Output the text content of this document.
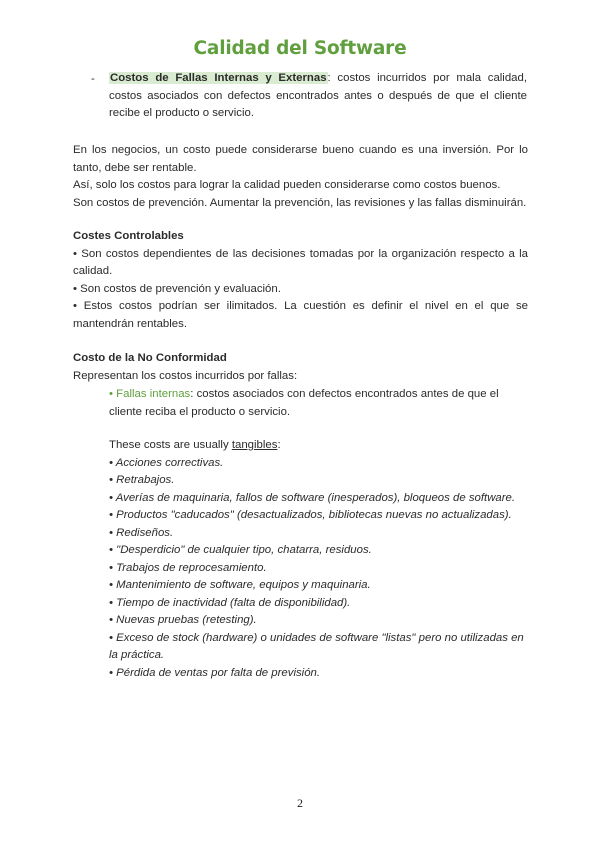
Calidad del Software
- Costos de Fallas Internas y Externas: costos incurridos por mala calidad, costos asociados con defectos encontrados antes o después de que el cliente recibe el producto o servicio.

En los negocios, un costo puede considerarse bueno cuando es una inversión. Por lo tanto, debe ser rentable.

Así, solo los costos para lograr la calidad pueden considerarse como costos buenos.

Son costos de prevención. Aumentar la prevención, las revisiones y las fallas disminuirán.

Costes Controlables

• Son costos dependientes de las decisiones tomadas por la organización respecto a la calidad.

• Son costos de prevención y evaluación.

• Estos costos podrían ser ilimitados. La cuestión es definir el nivel en el que se mantendrán rentables.

Costo de la No Conformidad

Representan los costos incurridos por fallas:

• Fallas internas: costos asociados con defectos encontrados antes de que el cliente reciba el producto o servicio.

These costs are usually tangibles:

• Acciones correctivas.

• Retrabajos.

• Averías de maquinaria, fallos de software (inesperados), bloqueos de software.

• Productos "caducados" (desactualizados, bibliotecas nuevas no actualizadas).

• Rediseños.

• "Desperdicio" de cualquier tipo, chatarra, residuos.

• Trabajos de reprocesamiento.

• Mantenimiento de software, equipos y maquinaria.

• Tiempo de inactividad (falta de disponibilidad).

• Nuevas pruebas (retesting).

• Exceso de stock (hardware) o unidades de software "listas" pero no utilizadas en la práctica.

• Pérdida de ventas por falta de previsión.

2
